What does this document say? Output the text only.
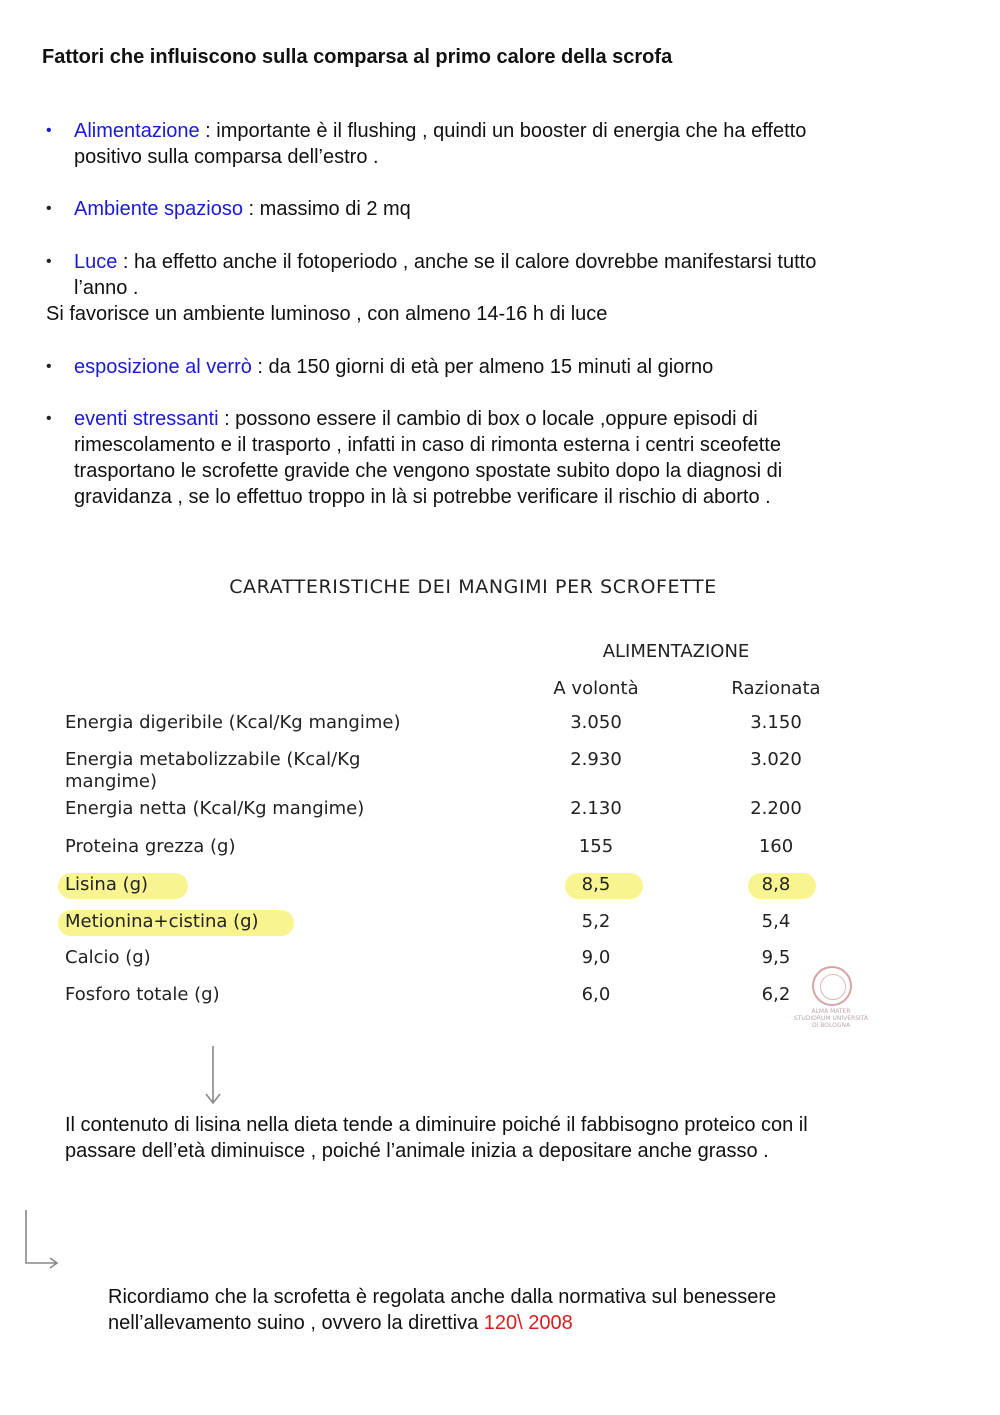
Fattori che influiscono sulla comparsa al primo calore della scrofa
• Alimentazione : importante è il flushing , quindi un booster di energia che ha effetto
positivo sulla comparsa dell’estro .
• Ambiente spazioso : massimo di 2 mq
• Luce : ha effetto anche il fotoperiodo , anche se il calore dovrebbe manifestarsi tutto
l’anno .
Si favorisce un ambiente luminoso , con almeno 14-16 h di luce
• esposizione al verrò : da 150 giorni di età per almeno 15 minuti al giorno
• eventi stressanti : possono essere il cambio di box o locale ,oppure episodi di
rimescolamento e il trasporto , infatti in caso di rimonta esterna i centri sceofette
trasportano le scrofette gravide che vengono spostate subito dopo la diagnosi di
gravidanza , se lo effettuo troppo in là si potrebbe verificare il rischio di aborto .
CARATTERISTICHE DEI MANGIMI PER SCROFETTE
ALIMENTAZIONE
A volontà	Razionata
Energia digeribile (Kcal/Kg mangime)	3.050	3.150
Energia metabolizzabile (Kcal/Kg
mangime)
2.930	3.020
Energia netta (Kcal/Kg mangime)	2.130	2.200
Proteina grezza (g)	155	160
Lisina (g)	8,5	8,8
Metionina+cistina (g)	5,2	5,4
Calcio (g)	9,0	9,5
Fosforo totale (g)	6,0	6,2
ALMA MATER STUDIORUM UNIVERSITÀ DI BOLOGNA
Il contenuto di lisina nella dieta tende a diminuire poiché il fabbisogno proteico con il
passare dell’età diminuisce , poiché l’animale inizia a depositare anche grasso .
Ricordiamo che la scrofetta è regolata anche dalla normativa sul benessere
nell’allevamento suino , ovvero la direttiva 120\ 2008
